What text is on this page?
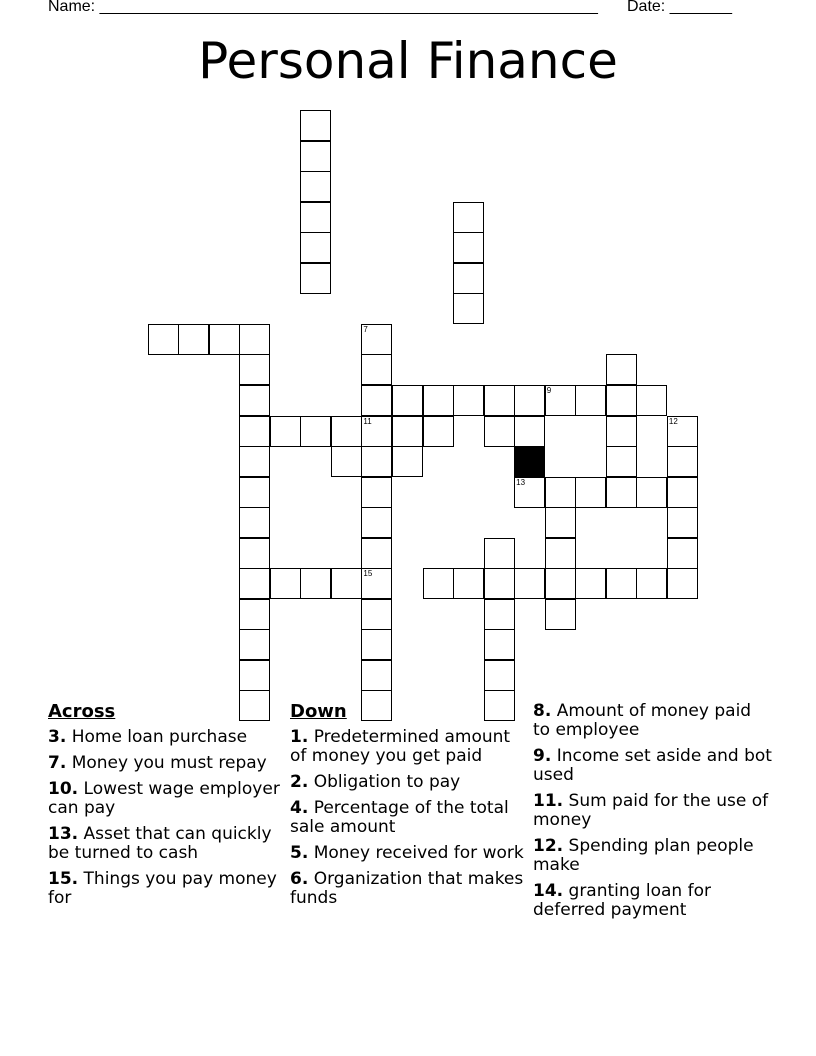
Name: ________________________________________________________ Date: _______
Personal Finance
7
11
15
9
12
13
Across
3. Home loan purchase
7. Money you must repay
10. Lowest wage employer can pay
13. Asset that can quickly be turned to cash
15. Things you pay money for
Down
1. Predetermined amount of money you get paid
2. Obligation to pay
4. Percentage of the total sale amount
5. Money received for work
6. Organization that makes funds
8. Amount of money paid to employee
9. Income set aside and bot used
11. Sum paid for the use of money
12. Spending plan people make
14. granting loan for deferred payment
